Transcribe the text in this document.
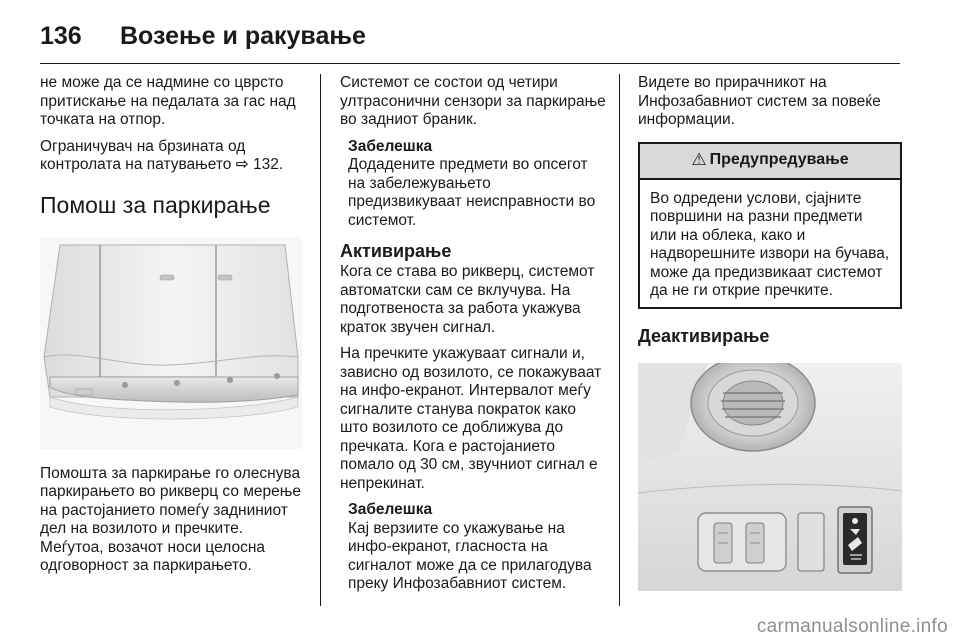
136	Возење и ракување

не може да се надмине со цврсто притискање на педалата за гас над точката на отпор.

Ограничувач на брзината од контролата на патувањето ⇨ 132.

Помош за паркирање

Помошта за паркирање го олеснува паркирањето во рикверц со мерење на растојанието помеѓу задниниот дел на возилото и пречките. Меѓутоа, возачот носи целосна одговорност за паркирањето.

Системот се состои од четири ултрасонични сензори за паркирање во задниот браник.

Забелешка
Додадените предмети во опсегот на забележувањето предизвикуваат неисправности во системот.
Активирање

Кога се става во рикверц, системот автоматски сам се вклучува. На подготвеноста за работа укажува краток звучен сигнал.

На пречките укажуваат сигнали и, зависно од возилото, се покажуваат на инфо-екранот. Интервалот меѓу сигналите станува пократок како што возилото се доближува до пречката. Кога е растојанието помало од 30 см, звучниот сигнал е непрекинат.

Забелешка
Кај верзиите со укажување на инфо-екранот, гласноста на сигналот може да се прилагодува преку Инфозабавниот систем.

Видете во прирачникот на Инфозабавниот систем за повеќе информации.

⚠ Предупредување
Во одредени услови, сјајните површини на разни предмети или на облека, како и надворешните извори на бучава, може да предизвикаат системот да не ги открие пречките.
Деактивирање
carmanualsonline.info
